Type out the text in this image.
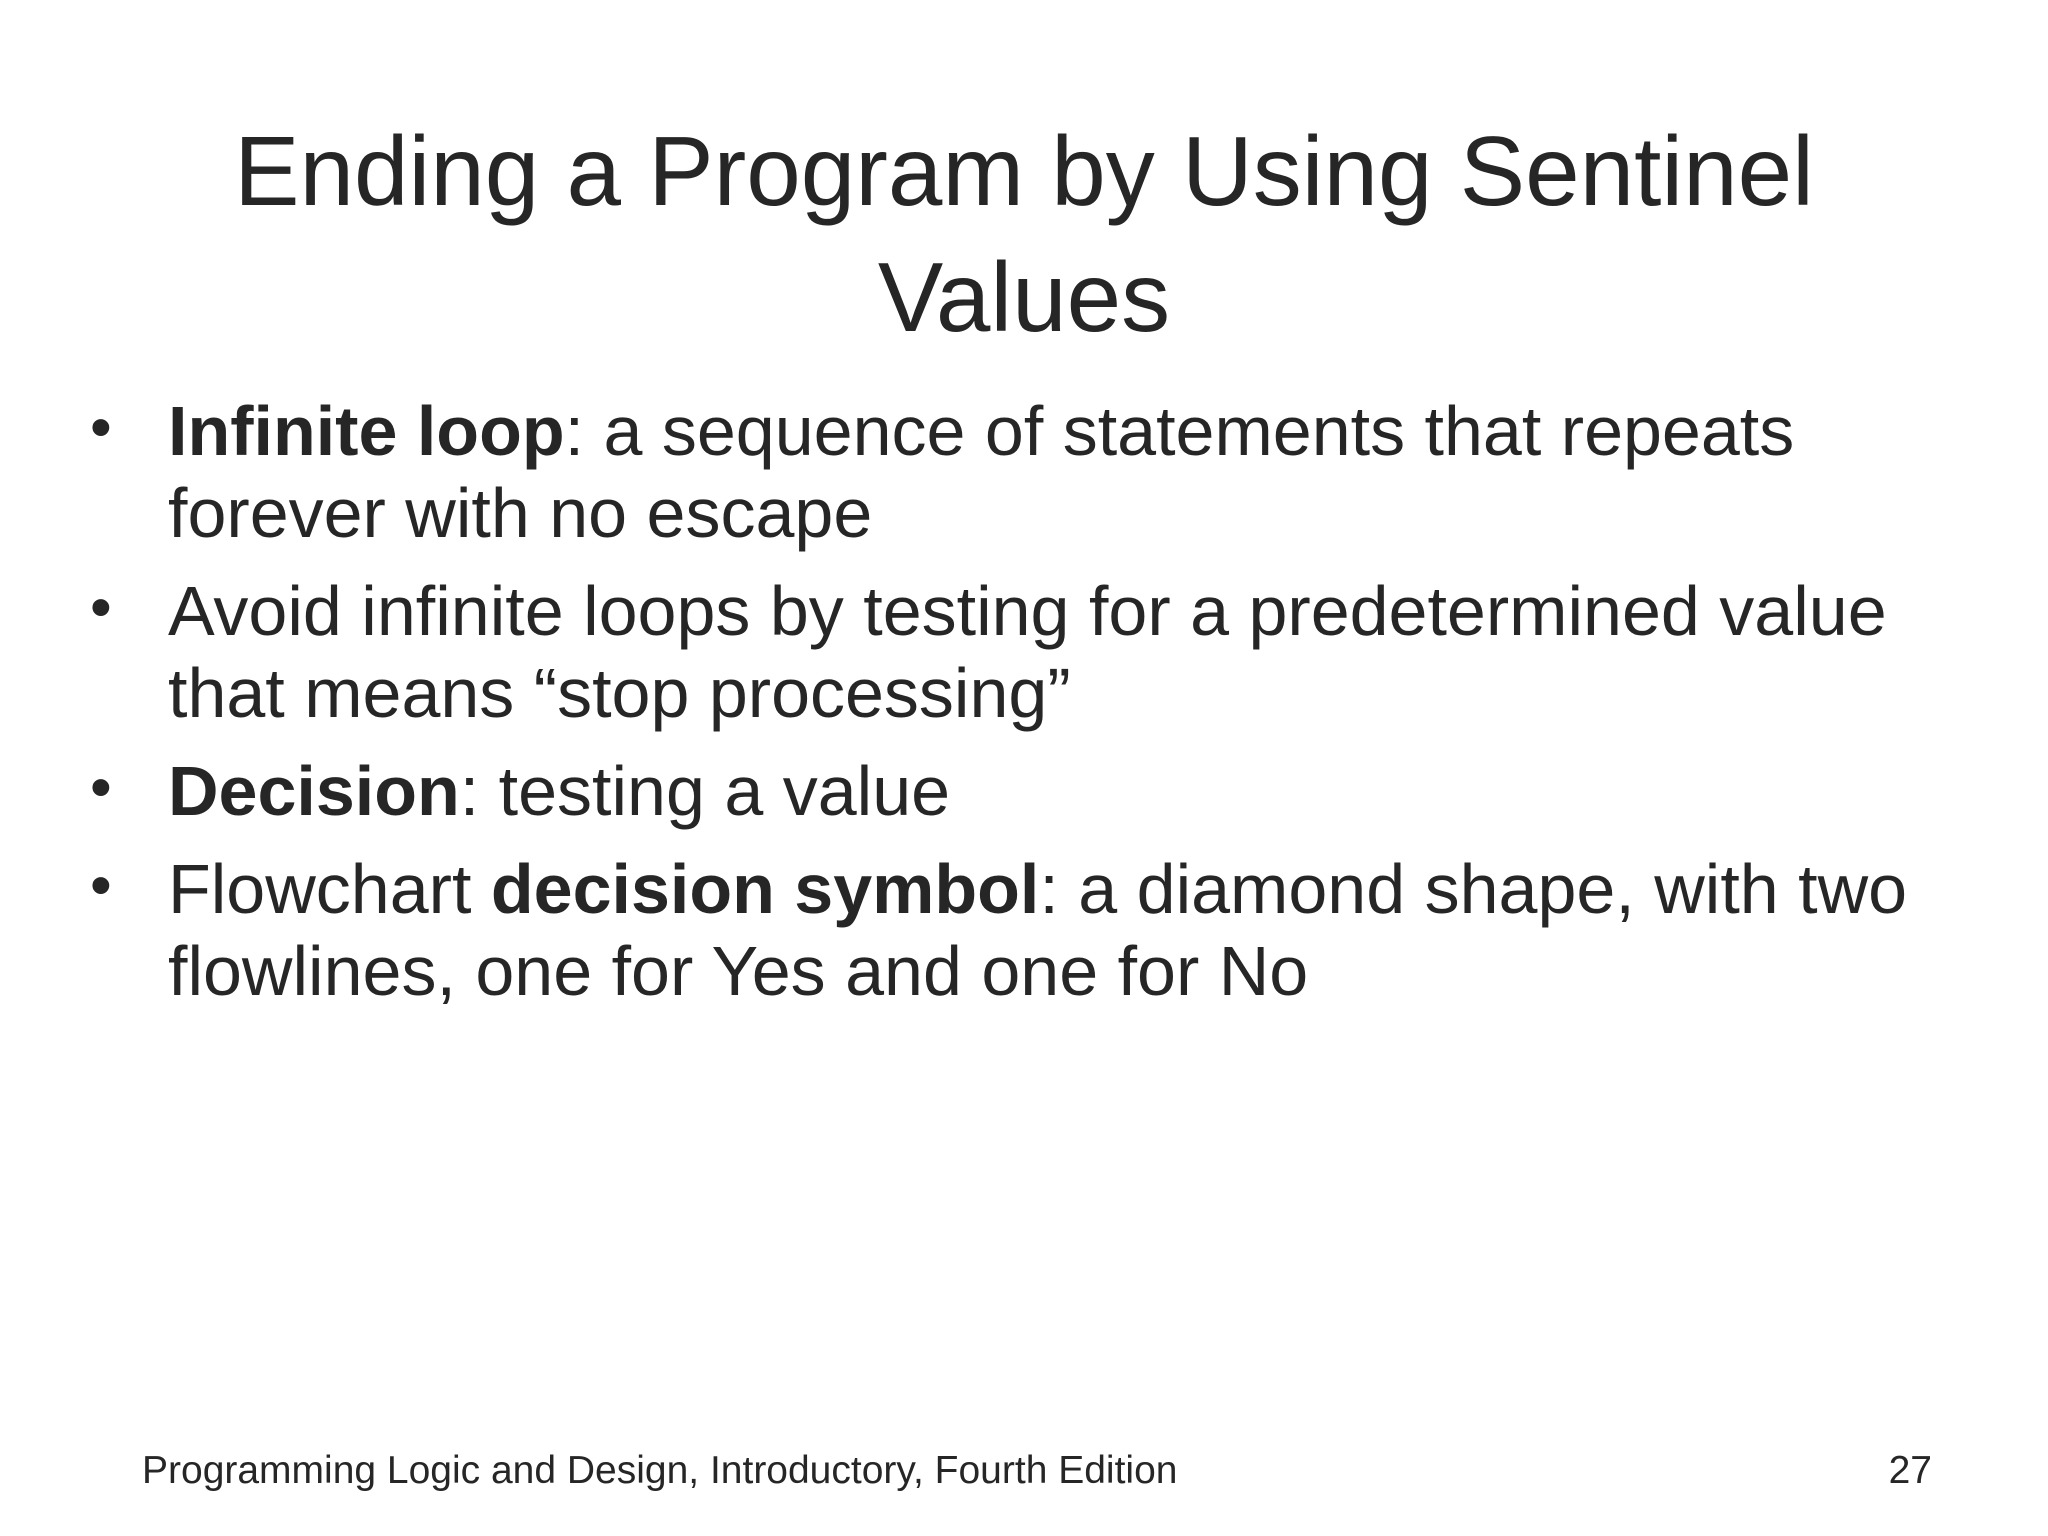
Ending a Program by Using Sentinel Values
• Infinite loop: a sequence of statements that repeats forever with no escape
• Avoid infinite loops by testing for a predetermined value that means “stop processing”
• Decision: testing a value
• Flowchart decision symbol: a diamond shape, with two flowlines, one for Yes and one for No
Programming Logic and Design, Introductory, Fourth Edition	27
